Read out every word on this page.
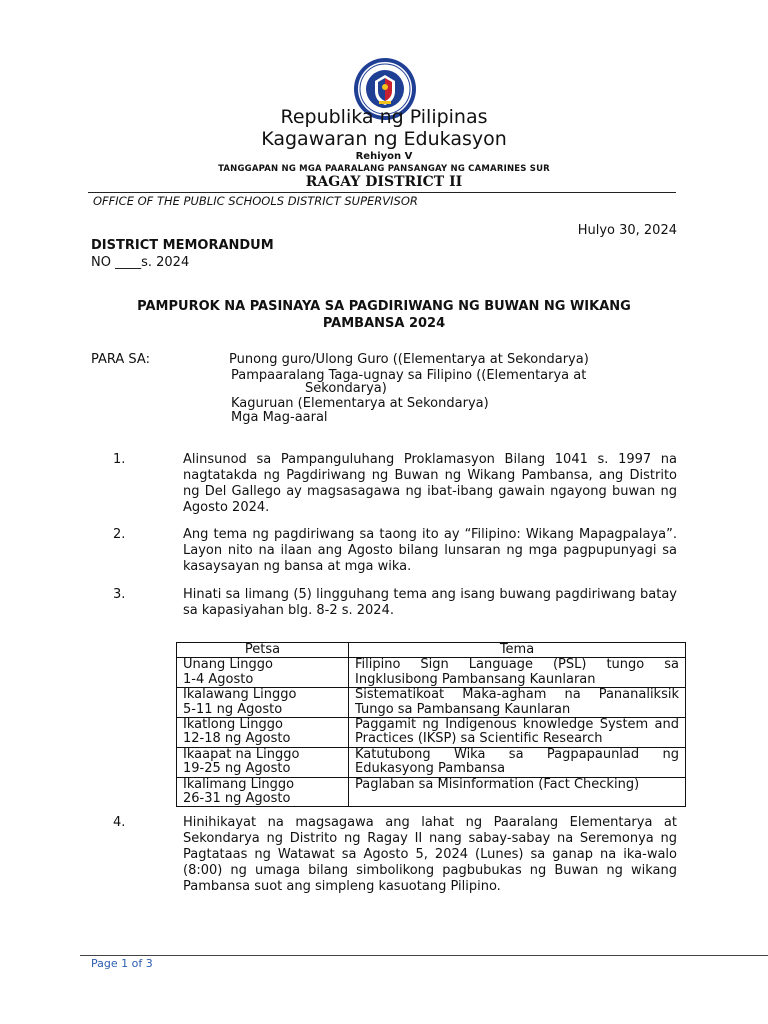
Republika ng Pilipinas
Kagawaran ng Edukasyon
Rehiyon V
TANGGAPAN NG MGA PAARALANG PANSANGAY NG CAMARINES SUR
RAGAY DISTRICT II
OFFICE OF THE PUBLIC SCHOOLS DISTRICT SUPERVISOR
Hulyo 30, 2024
DISTRICT MEMORANDUM
NO ____s. 2024
PAMPUROK NA PASINAYA SA PAGDIRIWANG NG BUWAN NG WIKANG PAMBANSA 2024
PARA SA:	Punong guro/Ulong Guro ((Elementarya at Sekondarya)
Pampaaralang Taga-ugnay sa Filipino ((Elementarya at
Sekondarya)
Kaguruan (Elementarya at Sekondarya)
Mga Mag-aaral
1.	Alinsunod sa Pampanguluhang Proklamasyon Bilang 1041 s. 1997 na nagtatakda ng Pagdiriwang ng Buwan ng Wikang Pambansa, ang Distrito ng Del Gallego ay magsasagawa ng ibat-ibang gawain ngayong buwan ng Agosto 2024.
2.	Ang tema ng pagdiriwang sa taong ito ay “Filipino: Wikang Mapagpalaya”. Layon nito na ilaan ang Agosto bilang lunsaran ng mga pagpupunyagi sa kasaysayan ng bansa at mga wika.
3.	Hinati sa limang (5) lingguhang tema ang isang buwang pagdiriwang batay sa kapasiyahan blg. 8-2 s. 2024.
Petsa	Tema

Unang Linggo
1-4 Agosto	Filipino Sign Language (PSL) tungo sa Ingklusibong Pambansang Kaunlaran

Ikalawang Linggo
5-11 ng Agosto	Sistematikoat Maka-agham na Pananaliksik Tungo sa Pambansang Kaunlaran

Ikatlong Linggo
12-18 ng Agosto	Paggamit ng Indigenous knowledge System and Practices (IKSP) sa Scientific Research

Ikaapat na Linggo
19-25 ng Agosto	Katutubong Wika sa Pagpapaunlad ng Edukasyong Pambansa

Ikalimang Linggo
26-31 ng Agosto	Paglaban sa Misinformation (Fact Checking)
4.	Hinihikayat na magsagawa ang lahat ng Paaralang Elementarya at Sekondarya ng Distrito ng Ragay II nang sabay-sabay na Seremonya ng Pagtataas ng Watawat sa Agosto 5, 2024 (Lunes) sa ganap na ika-walo (8:00) ng umaga bilang simbolikong pagbubukas ng Buwan ng wikang Pambansa suot ang simpleng kasuotang Pilipino.
Page 1 of 3
